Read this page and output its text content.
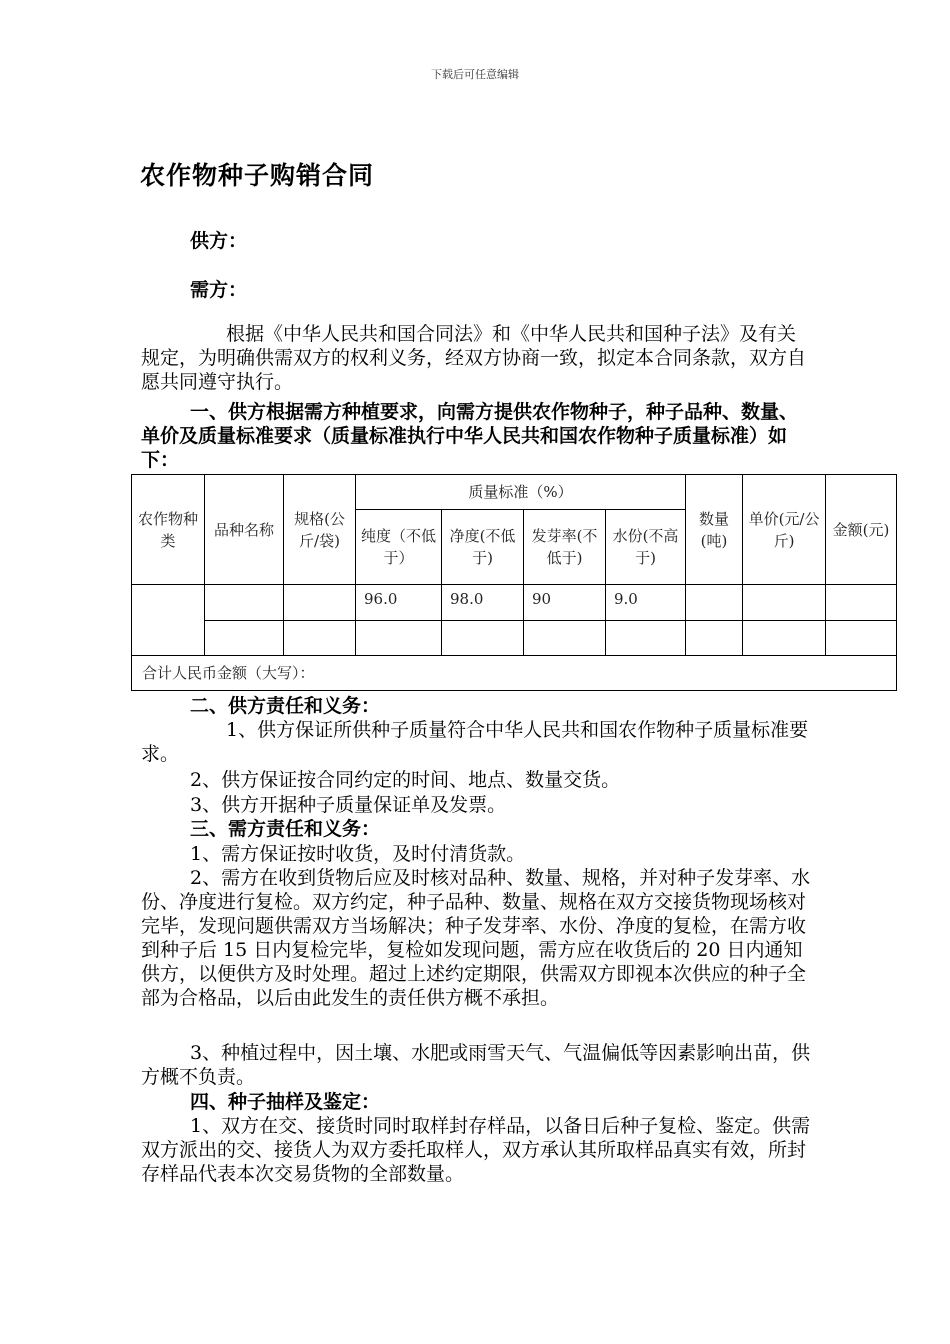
下载后可任意编辑
农作物种子购销合同
供方：
需方：

根据《中华人民共和国合同法》和《中华人民共和国种子法》及有关规定，为明确供需双方的权利义务，经双方协商一致，拟定本合同条款，双方自愿共同遵守执行。

一、供方根据需方种植要求，向需方提供农作物种子，种子品种、数量、单价及质量标准要求（质量标准执行中华人民共和国农作物种子质量标准）如下：

农作物种类	品种名称	规格(公斤/袋)	质量标准（%）				数量(吨)	单价(元/公斤)	金额(元)
			纯度（不低于）	净度(不低于)	发芽率(不低于)	水份(不高于)			
			96.0	98.0	90	9.0			

合计人民币金额（大写）：									
二、供方责任和义务：

1、供方保证所供种子质量符合中华人民共和国农作物种子质量标准要求。

2、供方保证按合同约定的时间、地点、数量交货。
3、供方开据种子质量保证单及发票。
三、需方责任和义务：
1、需方保证按时收货，及时付清货款。

2、需方在收到货物后应及时核对品种、数量、规格，并对种子发芽率、水份、净度进行复检。双方约定，种子品种、数量、规格在双方交接货物现场核对完毕，发现问题供需双方当场解决；种子发芽率、水份、净度的复检，在需方收到种子后 15 日内复检完毕，复检如发现问题，需方应在收货后的 20 日内通知供方，以便供方及时处理。超过上述约定期限，供需双方即视本次供应的种子全部为合格品，以后由此发生的责任供方概不承担。

3、种植过程中，因土壤、水肥或雨雪天气、气温偏低等因素影响出苗，供方概不负责。

四、种子抽样及鉴定：

1、双方在交、接货时同时取样封存样品，以备日后种子复检、鉴定。供需双方派出的交、接货人为双方委托取样人，双方承认其所取样品真实有效，所封存样品代表本次交易货物的全部数量。
